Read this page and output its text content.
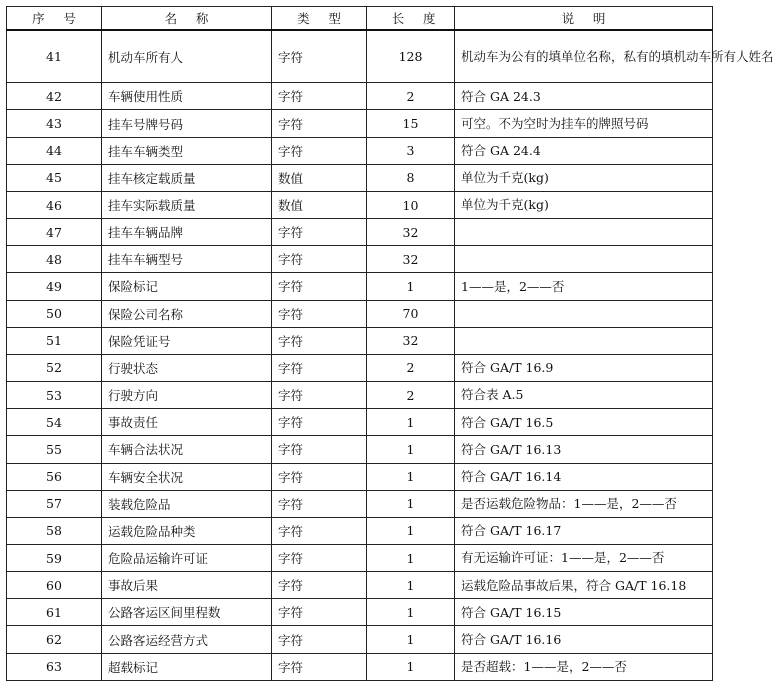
序号	名称	类型	长度	说明
41	机动车所有人	字符	128	机动车为公有的填单位名称，私有的填机动车所有人姓名
42	车辆使用性质	字符	2	符合 GA 24.3
43	挂车号牌号码	字符	15	可空。不为空时为挂车的牌照号码
44	挂车车辆类型	字符	3	符合 GA 24.4
45	挂车核定载质量	数值	8	单位为千克(kg)
46	挂车实际载质量	数值	10	单位为千克(kg)
47	挂车车辆品牌	字符	32	
48	挂车车辆型号	字符	32	
49	保险标记	字符	1	1——是，2——否
50	保险公司名称	字符	70	
51	保险凭证号	字符	32	
52	行驶状态	字符	2	符合 GA/T 16.9
53	行驶方向	字符	2	符合表 A.5
54	事故责任	字符	1	符合 GA/T 16.5
55	车辆合法状况	字符	1	符合 GA/T 16.13
56	车辆安全状况	字符	1	符合 GA/T 16.14
57	装载危险品	字符	1	是否运载危险物品：1——是，2——否
58	运载危险品种类	字符	1	符合 GA/T 16.17
59	危险品运输许可证	字符	1	有无运输许可证：1——是，2——否
60	事故后果	字符	1	运载危险品事故后果，符合 GA/T 16.18
61	公路客运区间里程数	字符	1	符合 GA/T 16.15
62	公路客运经营方式	字符	1	符合 GA/T 16.16
63	超载标记	字符	1	是否超载：1——是，2——否
